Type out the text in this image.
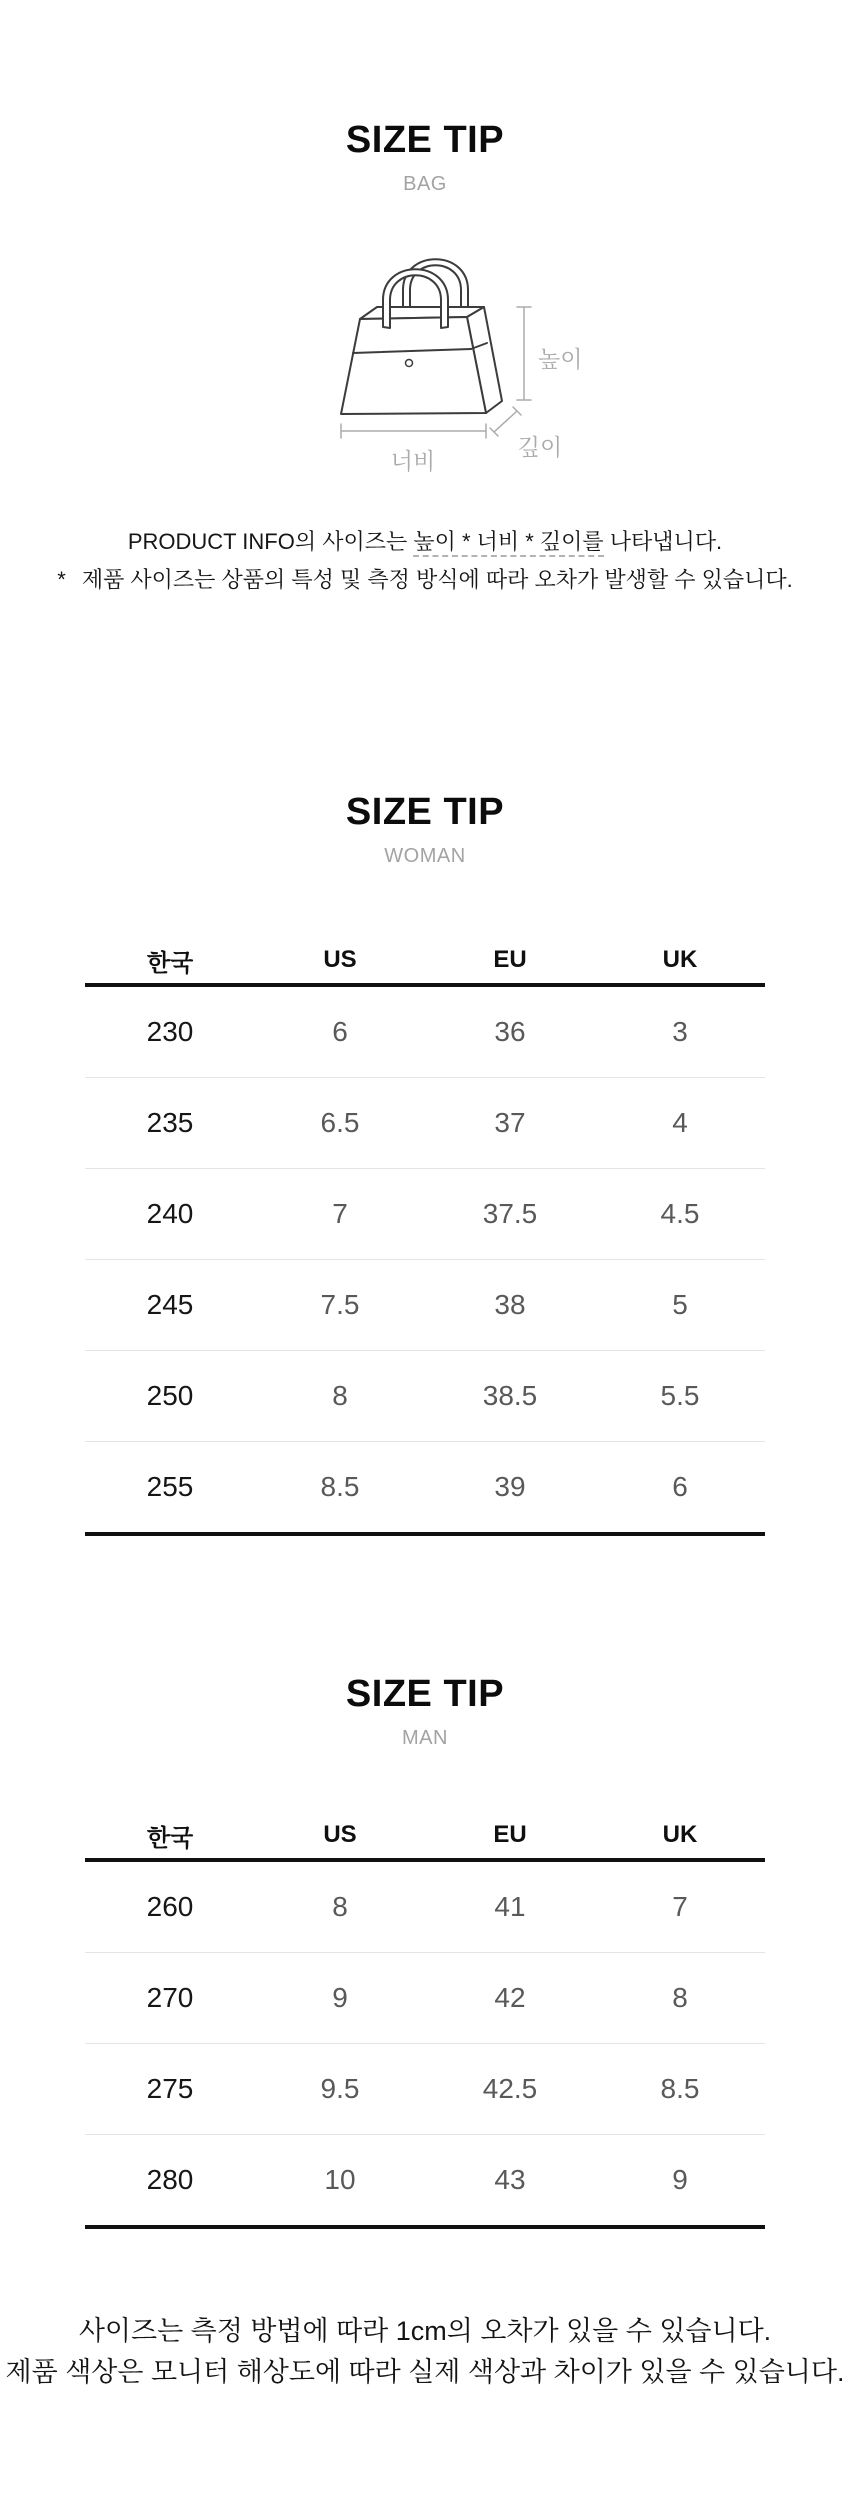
SIZE TIP
BAG
높이
너비
깊이
PRODUCT INFO의 사이즈는 높이 * 너비 * 깊이를 나타냅니다.
* 제품 사이즈는 상품의 특성 및 측정 방식에 따라 오차가 발생할 수 있습니다.
SIZE TIP
WOMAN
한국	US	EU	UK
230	6	36	3
235	6.5	37	4
240	7	37.5	4.5
245	7.5	38	5
250	8	38.5	5.5
255	8.5	39	6
SIZE TIP
MAN
한국	US	EU	UK
260	8	41	7
270	9	42	8
275	9.5	42.5	8.5
280	10	43	9
사이즈는 측정 방법에 따라 1cm의 오차가 있을 수 있습니다.
제품 색상은 모니터 해상도에 따라 실제 색상과 차이가 있을 수 있습니다.
